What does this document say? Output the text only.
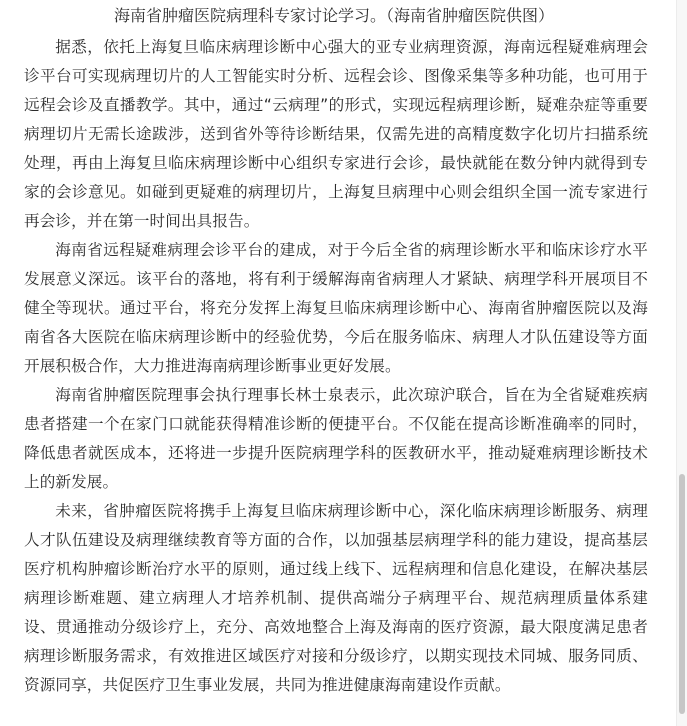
海南省肿瘤医院病理科专家讨论学习。（海南省肿瘤医院供图）

据悉，依托上海复旦临床病理诊断中心强大的亚专业病理资源，海南远程疑难病理会诊平台可实现病理切片的人工智能实时分析、远程会诊、图像采集等多种功能，也可用于远程会诊及直播教学。其中，通过“云病理”的形式，实现远程病理诊断，疑难杂症等重要病理切片无需长途跋涉，送到省外等待诊断结果，仅需先进的高精度数字化切片扫描系统处理，再由上海复旦临床病理诊断中心组织专家进行会诊，最快就能在数分钟内就得到专家的会诊意见。如碰到更疑难的病理切片，上海复旦病理中心则会组织全国一流专家进行再会诊，并在第一时间出具报告。

海南省远程疑难病理会诊平台的建成，对于今后全省的病理诊断水平和临床诊疗水平发展意义深远。该平台的落地，将有利于缓解海南省病理人才紧缺、病理学科开展项目不健全等现状。通过平台，将充分发挥上海复旦临床病理诊断中心、海南省肿瘤医院以及海南省各大医院在临床病理诊断中的经验优势，今后在服务临床、病理人才队伍建设等方面开展积极合作，大力推进海南病理诊断事业更好发展。

海南省肿瘤医院理事会执行理事长林士泉表示，此次琼沪联合，旨在为全省疑难疾病患者搭建一个在家门口就能获得精准诊断的便捷平台。不仅能在提高诊断准确率的同时，降低患者就医成本，还将进一步提升医院病理学科的医教研水平，推动疑难病理诊断技术上的新发展。

未来，省肿瘤医院将携手上海复旦临床病理诊断中心，深化临床病理诊断服务、病理人才队伍建设及病理继续教育等方面的合作，以加强基层病理学科的能力建设，提高基层医疗机构肿瘤诊断治疗水平的原则，通过线上线下、远程病理和信息化建设，在解决基层病理诊断难题、建立病理人才培养机制、提供高端分子病理平台、规范病理质量体系建设、贯通推动分级诊疗上，充分、高效地整合上海及海南的医疗资源，最大限度满足患者病理诊断服务需求，有效推进区域医疗对接和分级诊疗，以期实现技术同城、服务同质、资源同享，共促医疗卫生事业发展，共同为推进健康海南建设作贡献。
